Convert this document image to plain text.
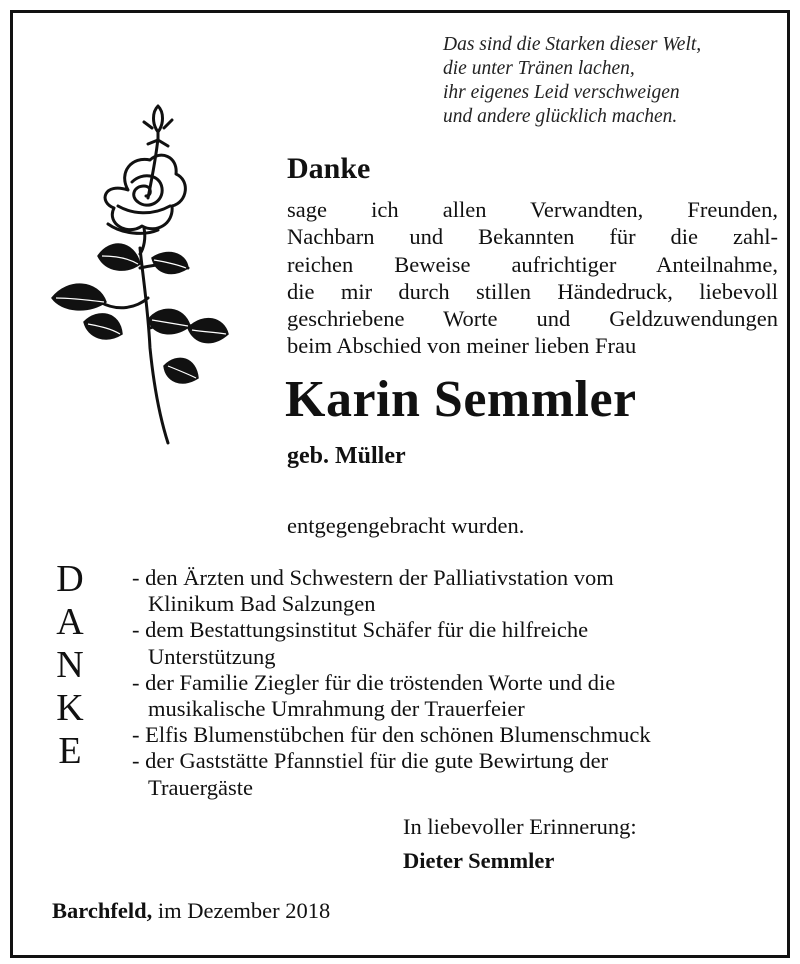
Das sind die Starken dieser Welt,
die unter Tränen lachen,
ihr eigenes Leid verschweigen
und andere glücklich machen.
Danke
sage ich allen Verwandten, Freunden,
Nachbarn und Bekannten für die zahl-
reichen Beweise aufrichtiger Anteilnahme,
die mir durch stillen Händedruck, liebevoll
geschriebene Worte und Geldzuwendungen
beim Abschied von meiner lieben Frau
Karin Semmler
geb. Müller
entgegengebracht wurden.
D
A
N
K
E
- den Ärzten und Schwestern der Palliativstation vom
Klinikum Bad Salzungen
- dem Bestattungsinstitut Schäfer für die hilfreiche
Unterstützung
- der Familie Ziegler für die tröstenden Worte und die
musikalische Umrahmung der Trauerfeier
- Elfis Blumenstübchen für den schönen Blumenschmuck
- der Gaststätte Pfannstiel für die gute Bewirtung der
Trauergäste
In liebevoller Erinnerung:
Dieter Semmler
Barchfeld, im Dezember 2018
